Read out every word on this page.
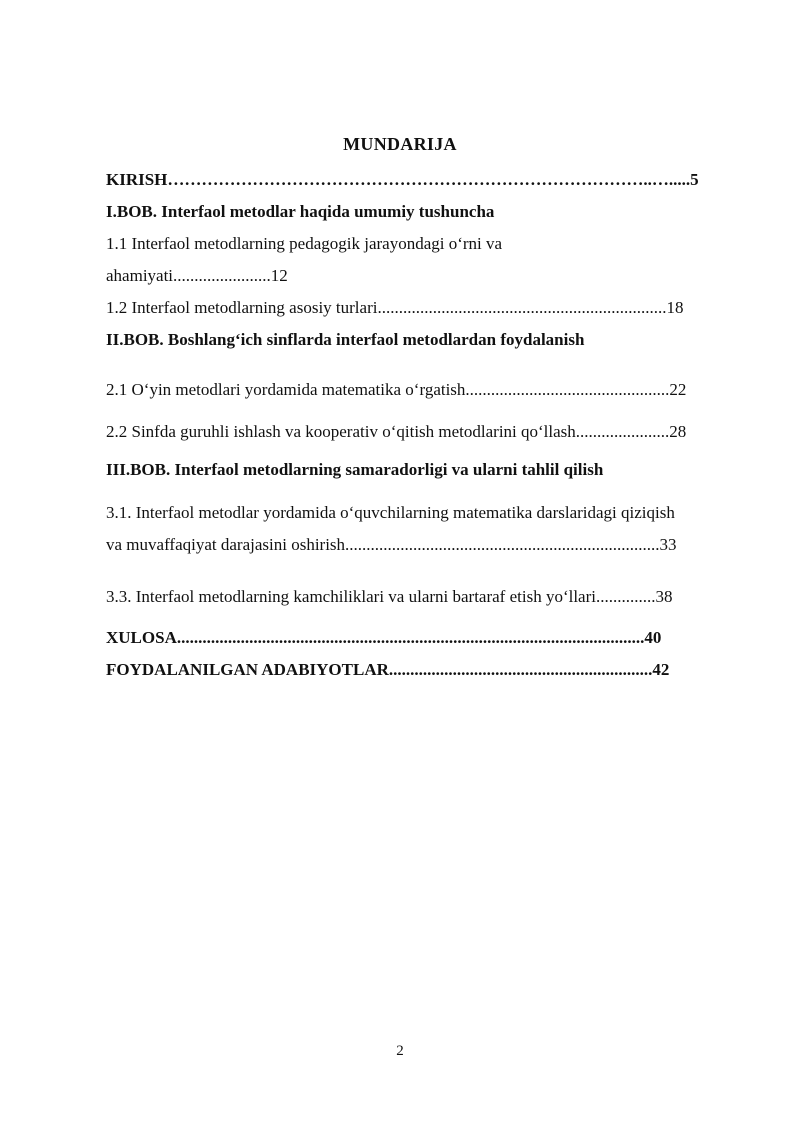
MUNDARIJA
KIRISH…………………………………………………………………………..….....5
I.BOB. Interfaol metodlar haqida umumiy tushuncha
1.1 Interfaol metodlarning pedagogik jarayondagi o‘rni va
ahamiyati.......................12
1.2 Interfaol metodlarning asosiy turlari....................................................................18
II.BOB. Boshlang‘ich sinflarda interfaol metodlardan foydalanish
2.1 O‘yin metodlari yordamida matematika o‘rgatish................................................22
2.2 Sinfda guruhli ishlash va kooperativ o‘qitish metodlarini qo‘llash......................28
III.BOB. Interfaol metodlarning samaradorligi va ularni tahlil qilish
3.1. Interfaol metodlar yordamida o‘quvchilarning matematika darslaridagi qiziqish
va muvaffaqiyat darajasini oshirish..........................................................................33
3.3. Interfaol metodlarning kamchiliklari va ularni bartaraf etish yo‘llari..............38
XULOSA..............................................................................................................40
FOYDALANILGAN ADABIYOTLAR..............................................................42
2
